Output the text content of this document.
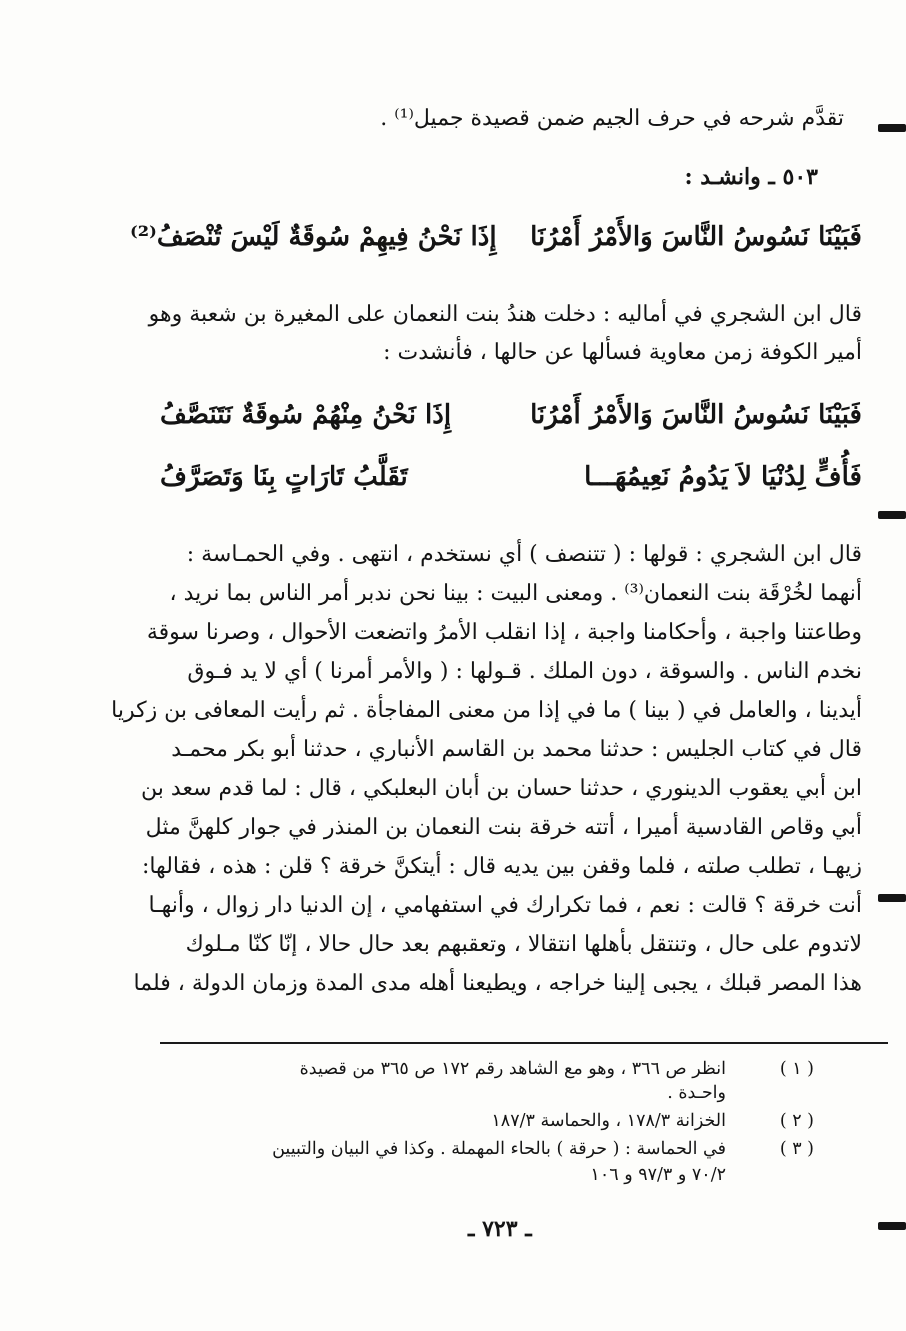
تقدَّم شرحه في حرف الجيم ضمن قصيدة جميل⁽¹⁾ .
٥٠٣ ـ وانشـد :
فَبَيْنَا نَسُوسُ النَّاسَ وَالأَمْرُ أَمْرُنَا
إِذَا نَحْنُ فِيهِمْ سُوقَةٌ لَيْسَ تُنْصَفُ⁽²⁾
قال ابن الشجري في أماليه : دخلت هندُ بنت النعمان على المغيرة بن شعبة وهو
أمير الكوفة زمن معاوية فسألها عن حالها ، فأنشدت :
فَبَيْنَا نَسُوسُ النَّاسَ وَالأَمْرُ أَمْرُنَا
إِذَا نَحْنُ مِنْهُمْ سُوقَةٌ نَتَنَصَّفُ
فَأُفٍّ لِدُنْيَا لاَ يَدُومُ نَعِيمُهَـــا
تَقَلَّبُ تَارَاتٍ بِنَا وَتَصَرَّفُ
قال ابن الشجري : قولها : ( تتنصف ) أي نستخدم ، انتهى . وفي الحمـاسة :
أنهما لخُرْقَة بنت النعمان⁽³⁾ . ومعنى البيت : بينا نحن ندبر أمر الناس بما نريد ،
وطاعتنا واجبة ، وأحكامنا واجبة ، إذا انقلب الأمرُ واتضعت الأحوال ، وصرنا سوقة
نخدم الناس . والسوقة ، دون الملك . قـولها : ( والأمر أمرنا ) أي لا يد فـوق
أيدينا ، والعامل في ( بينا ) ما في إذا من معنى المفاجأة . ثم رأيت المعافى بن زكريا
قال في كتاب الجليس : حدثنا محمد بن القاسم الأنباري ، حدثنا أبو بكر محمـد
ابن أبي يعقوب الدينوري ، حدثنا حسان بن أبان البعلبكي ، قال : لما قدم سعد بن
أبي وقاص القادسية أميرا ، أتته خرقة بنت النعمان بن المنذر في جوار كلهنَّ مثل
زيهـا ، تطلب صلته ، فلما وقفن بين يديه قال : أيتكنَّ خرقة ؟ قلن : هذه ، فقالها:
أنت خرقة ؟ قالت : نعم ، فما تكرارك في استفهامي ، إن الدنيا دار زوال ، وأنهـا
لاتدوم على حال ، وتنتقل بأهلها انتقالا ، وتعقبهم بعد حال حالا ، إنّا كنّا مـلوك
هذا المصر قبلك ، يجبى إلينا خراجه ، ويطيعنا أهله مدى المدة وزمان الدولة ، فلما
( ١ )
انظر ص ٣٦٦ ، وهو مع الشاهد رقم ١٧٢ ص ٣٦٥ من قصيدة
واحـدة .
( ٢ )
الخزانة ١٧٨/٣ ، والحماسة ١٨٧/٣
( ٣ )
في الحماسة : ( حرقة ) بالحاء المهملة . وكذا في البيان والتبيين
٧٠/٢ و ٩٧/٣ و ١٠٦
ـ ٧٢٣ ـ
